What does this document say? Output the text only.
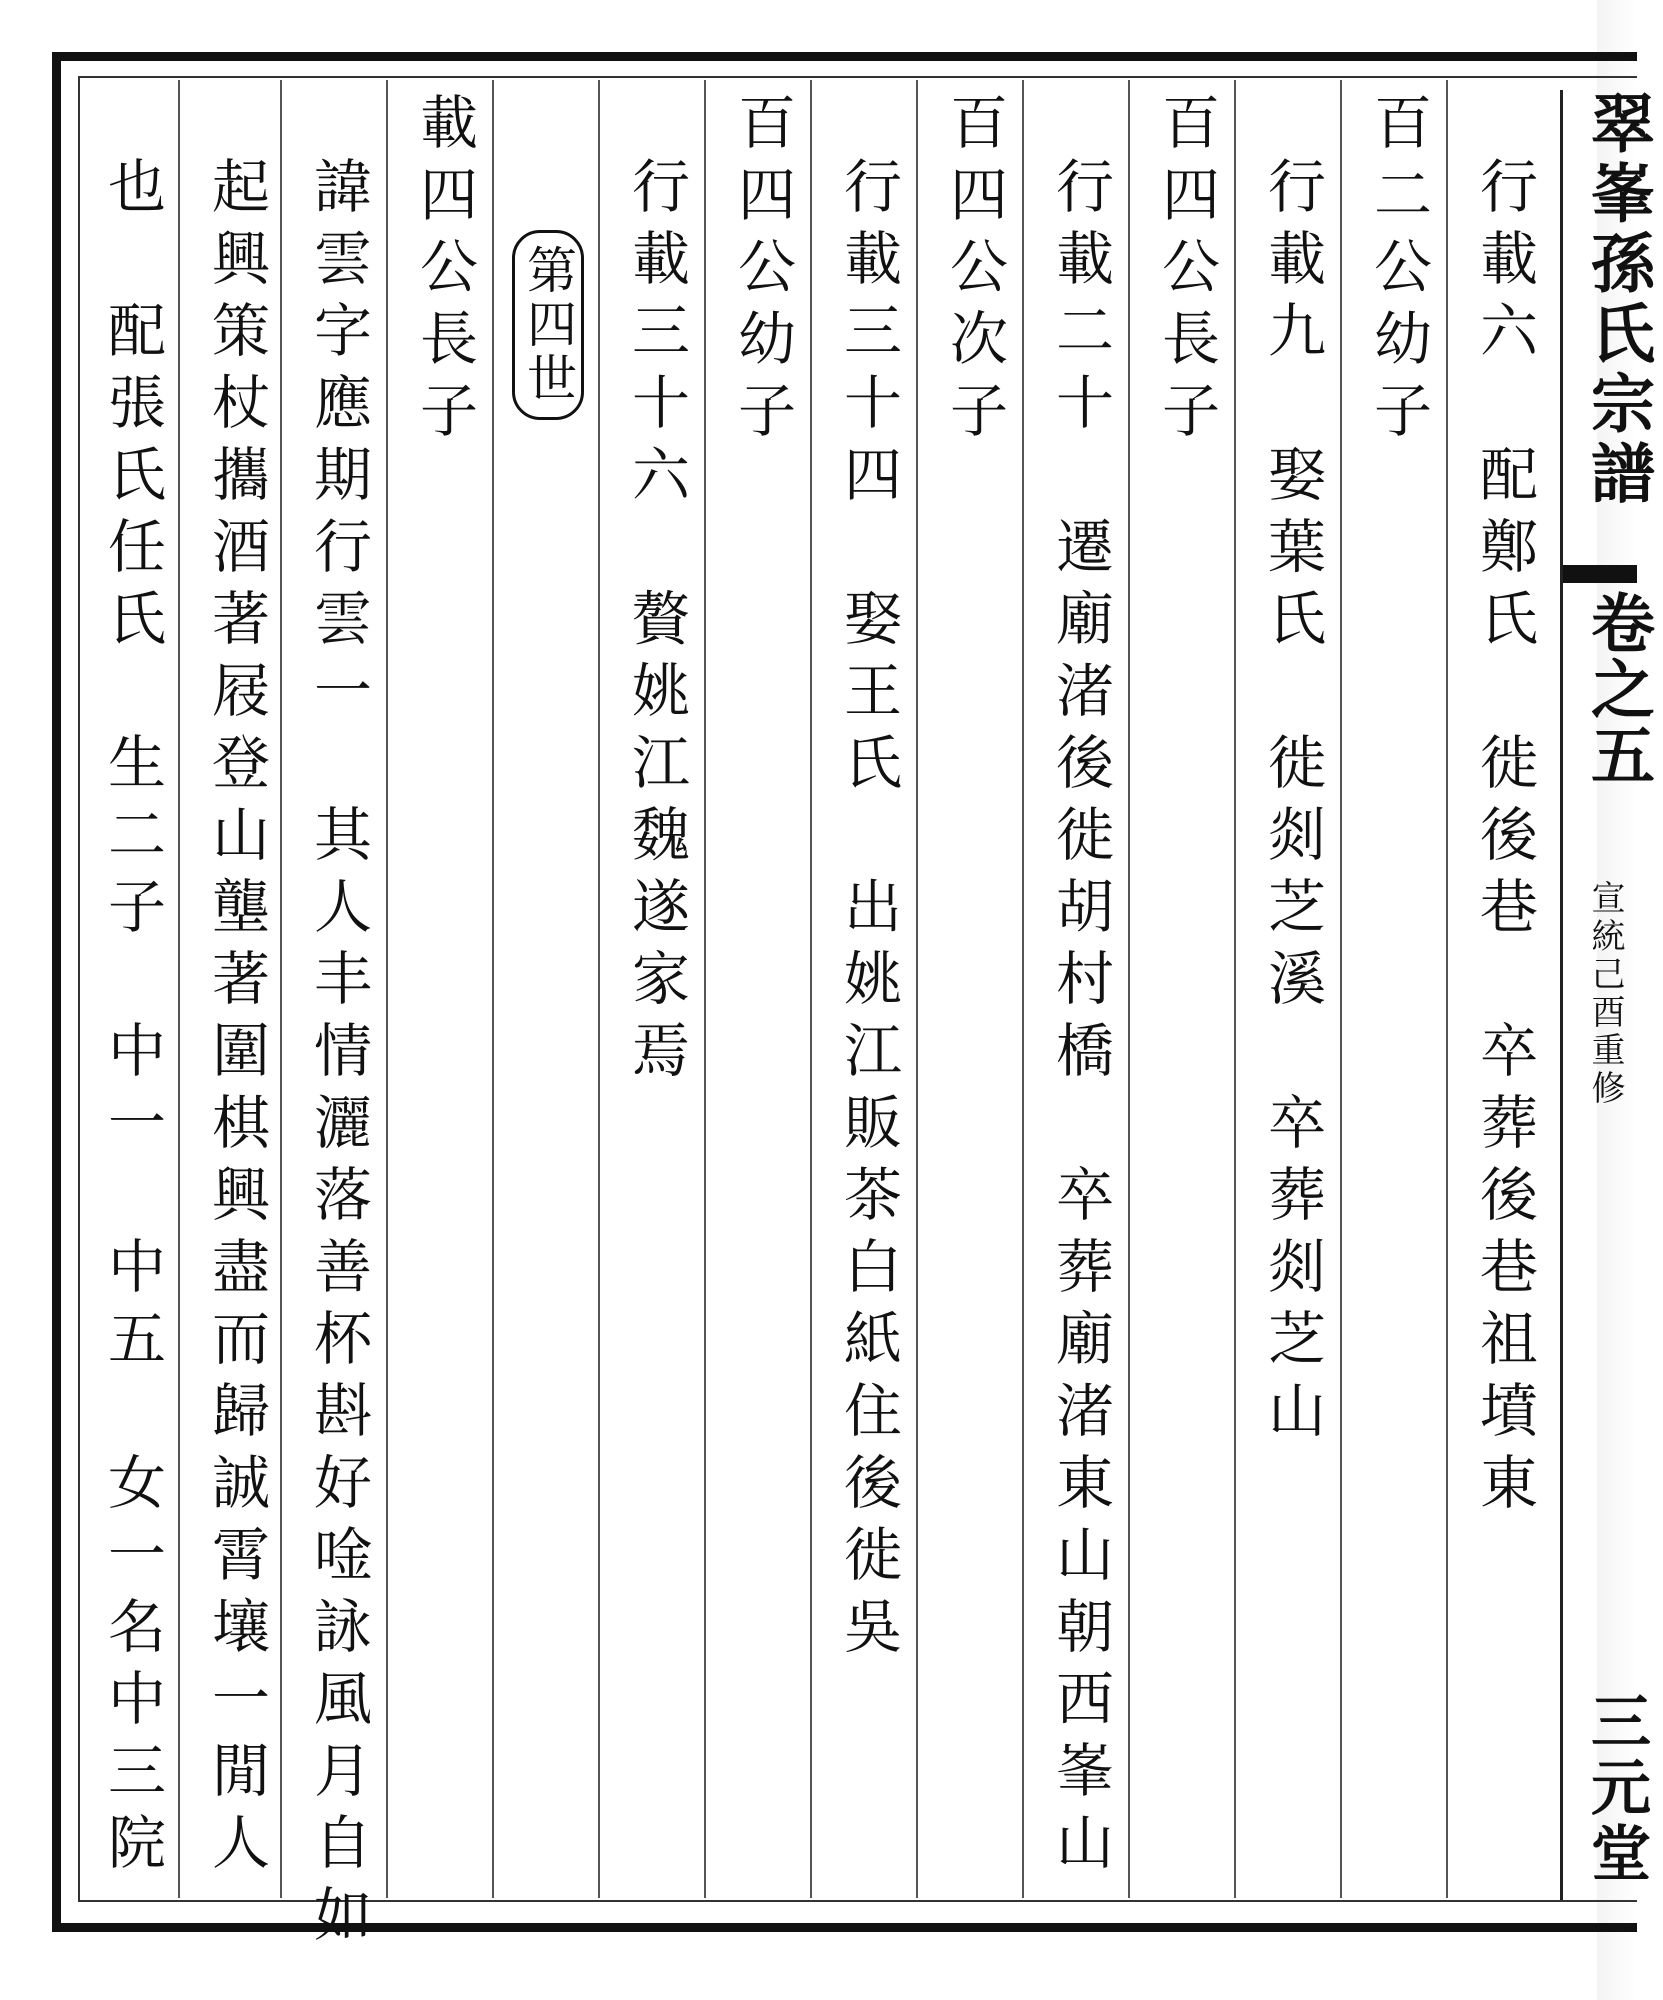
行載六　配鄭氏　徙後巷　卒葬後巷祖墳東
百二公幼子
行載九　娶葉氏　徙剡芝溪　卒葬剡芝山
百四公長子
行載二十　遷廟渚後徙胡村橋　卒葬廟渚東山朝西峯山
百四公次子
行載三十四　娶王氏　出姚江販茶白紙住後徙吳
百四公幼子
行載三十六　贅姚江魏遂家焉
載四公長子
諱雲字應期行雲一　其人丰情灑落善杯斟好唫詠風月自如
起興策杖攜酒著屐登山壟著圍棋興盡而歸誠霄壤一閒人
也　配張氏任氏　生二子　中一　中五　女一名中三院	第四世	翠峯孫氏宗譜
卷之五
宣統己酉重修
三元堂
